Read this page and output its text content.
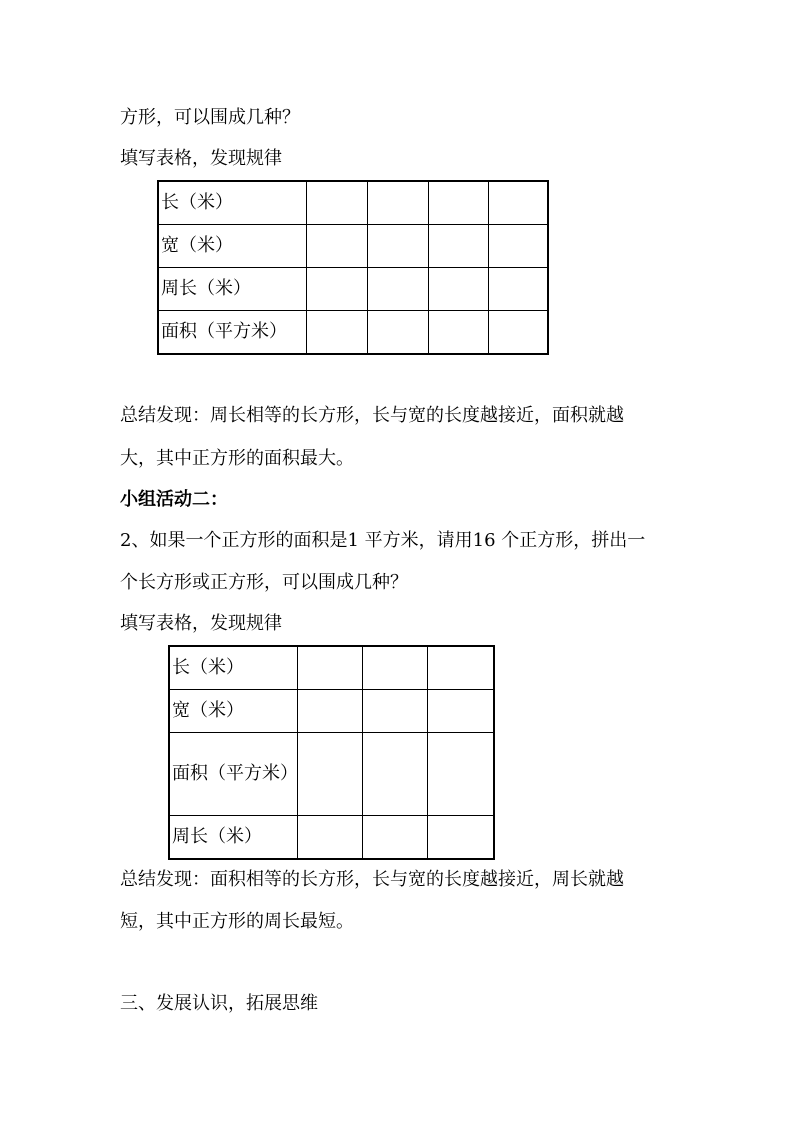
方形，可以围成几种？
填写表格，发现规律
长（米）				
宽（米）				
周长（米）				
面积（平方米）				
总结发现：周长相等的长方形，长与宽的长度越接近，面积就越
大，其中正方形的面积最大。
小组活动二：
2、如果一个正方形的面积是1 平方米，请用16 个正方形，拼出一
个长方形或正方形，可以围成几种？
填写表格，发现规律
长（米）			
宽（米）			
面积（平方米）			
周长（米）			
总结发现：面积相等的长方形，长与宽的长度越接近，周长就越
短，其中正方形的周长最短。
三、发展认识，拓展思维
